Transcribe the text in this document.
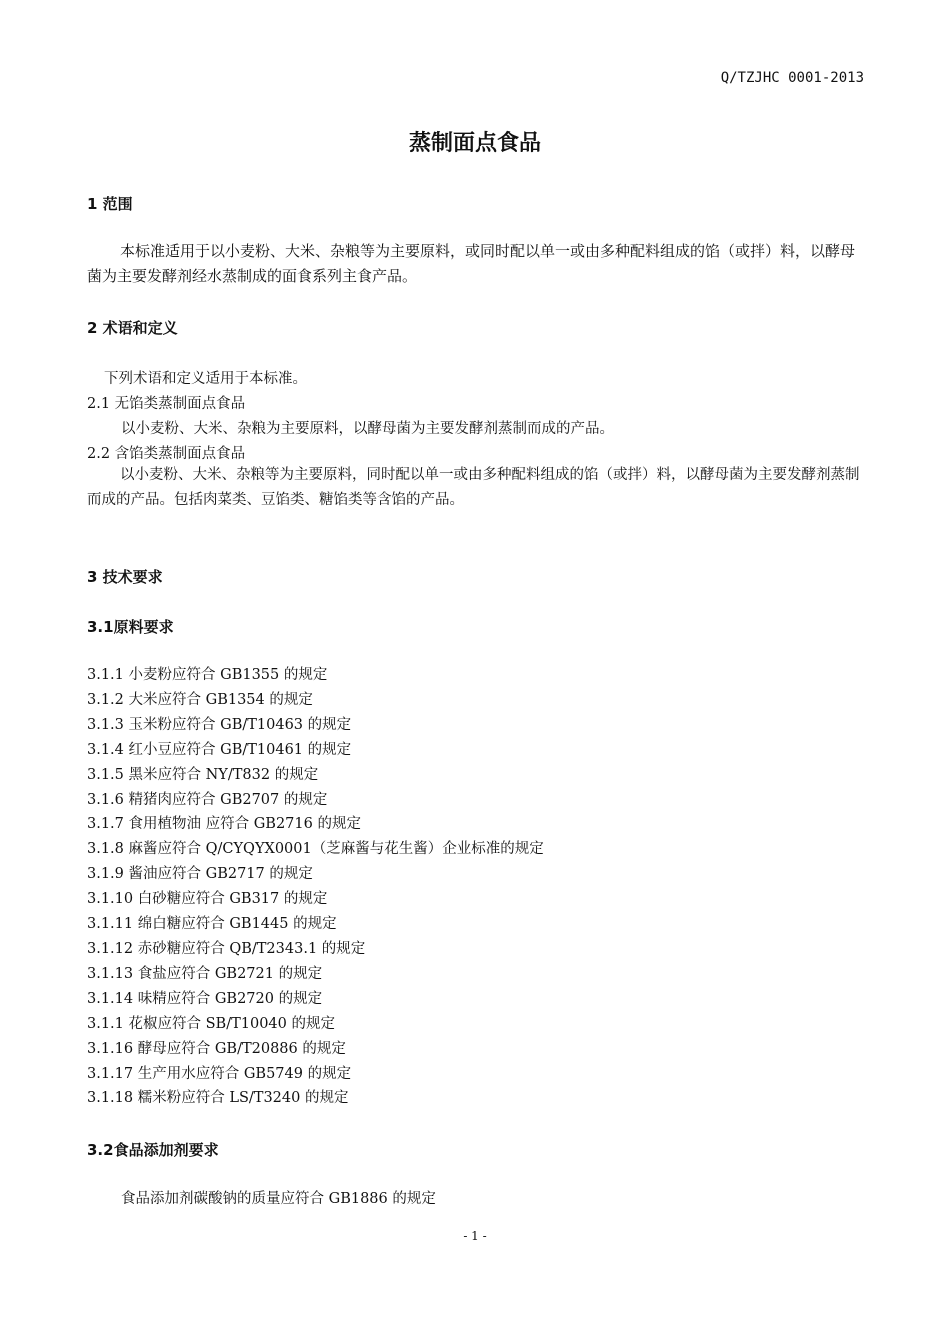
Q/TZJHC 0001-2013
蒸制面点食品
1 范围
本标准适用于以小麦粉、大米、杂粮等为主要原料，或同时配以单一或由多种配料组成的馅（或拌）料，以酵母菌为主要发酵剂经水蒸制成的面食系列主食产品。
2 术语和定义
下列术语和定义适用于本标准。
2.1 无馅类蒸制面点食品
以小麦粉、大米、杂粮为主要原料，以酵母菌为主要发酵剂蒸制而成的产品。
2.2 含馅类蒸制面点食品
以小麦粉、大米、杂粮等为主要原料，同时配以单一或由多种配料组成的馅（或拌）料，以酵母菌为主要发酵剂蒸制而成的产品。包括肉菜类、豆馅类、糖馅类等含馅的产品。
3 技术要求
3.1原料要求
3.1.1 小麦粉应符合 GB1355 的规定
3.1.2 大米应符合 GB1354 的规定
3.1.3 玉米粉应符合 GB/T10463 的规定
3.1.4 红小豆应符合 GB/T10461 的规定
3.1.5 黑米应符合 NY/T832 的规定
3.1.6 精猪肉应符合 GB2707 的规定
3.1.7 食用植物油 应符合 GB2716 的规定
3.1.8 麻酱应符合 Q/CYQYX0001（芝麻酱与花生酱）企业标准的规定
3.1.9 酱油应符合 GB2717 的规定
3.1.10 白砂糖应符合 GB317 的规定
3.1.11 绵白糖应符合 GB1445 的规定
3.1.12 赤砂糖应符合 QB/T2343.1 的规定
3.1.13 食盐应符合 GB2721 的规定
3.1.14 味精应符合 GB2720 的规定
3.1.1 花椒应符合 SB/T10040 的规定
3.1.16 酵母应符合 GB/T20886 的规定
3.1.17 生产用水应符合 GB5749 的规定
3.1.18 糯米粉应符合 LS/T3240 的规定
3.2食品添加剂要求
食品添加剂碳酸钠的质量应符合 GB1886 的规定
- 1 -
